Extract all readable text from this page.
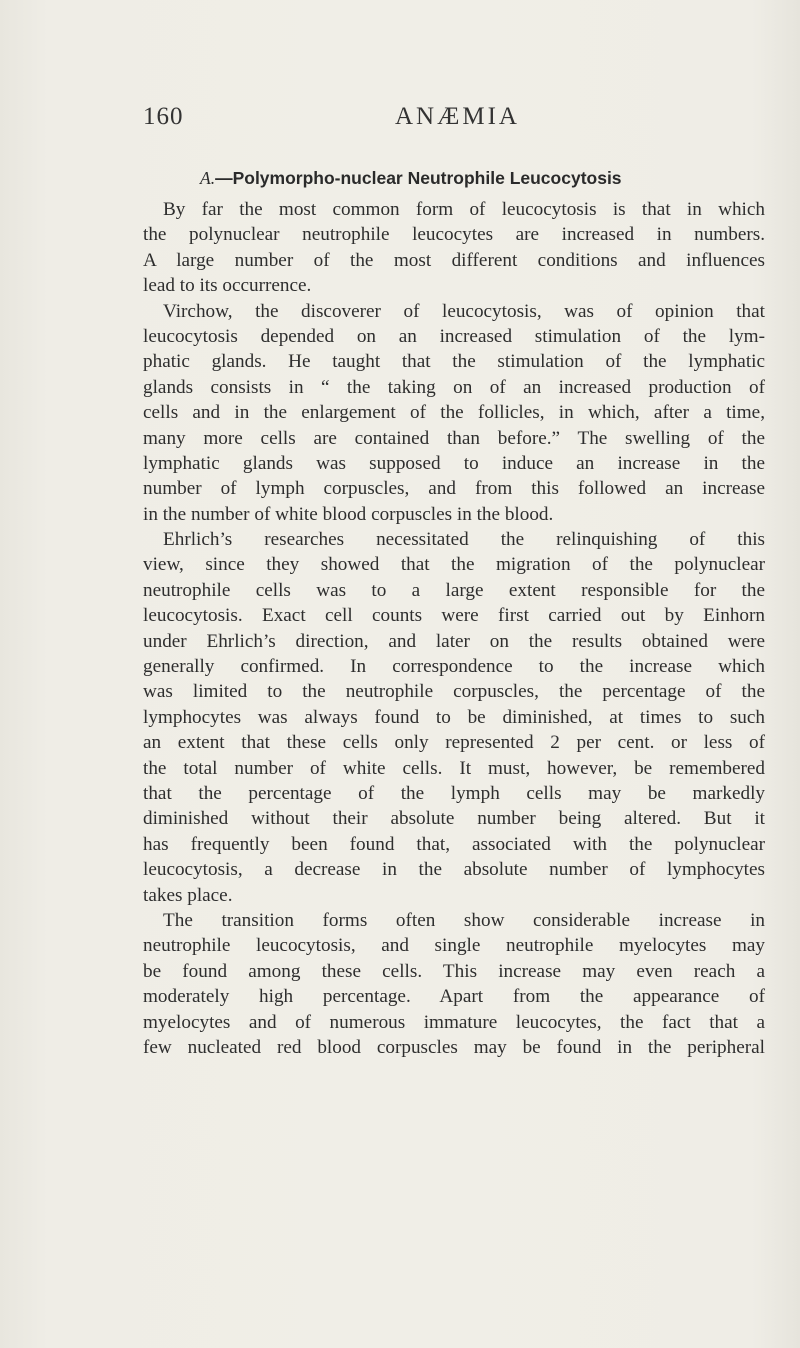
160	ANÆMIA
A.—Polymorpho-nuclear Neutrophile Leucocytosis
By far the most common form of leucocytosis is that in which
the polynuclear neutrophile leucocytes are increased in numbers.
A large number of the most different conditions and influences
lead to its occurrence.
Virchow, the discoverer of leucocytosis, was of opinion that
leucocytosis depended on an increased stimulation of the lym-
phatic glands. He taught that the stimulation of the lymphatic
glands consists in “ the taking on of an increased production of
cells and in the enlargement of the follicles, in which, after a time,
many more cells are contained than before.” The swelling of the
lymphatic glands was supposed to induce an increase in the
number of lymph corpuscles, and from this followed an increase
in the number of white blood corpuscles in the blood.
Ehrlich’s researches necessitated the relinquishing of this
view, since they showed that the migration of the polynuclear
neutrophile cells was to a large extent responsible for the
leucocytosis. Exact cell counts were first carried out by Einhorn
under Ehrlich’s direction, and later on the results obtained were
generally confirmed. In correspondence to the increase which
was limited to the neutrophile corpuscles, the percentage of the
lymphocytes was always found to be diminished, at times to such
an extent that these cells only represented 2 per cent. or less of
the total number of white cells. It must, however, be remembered
that the percentage of the lymph cells may be markedly
diminished without their absolute number being altered. But it
has frequently been found that, associated with the polynuclear
leucocytosis, a decrease in the absolute number of lymphocytes
takes place.
The transition forms often show considerable increase in
neutrophile leucocytosis, and single neutrophile myelocytes may
be found among these cells. This increase may even reach a
moderately high percentage. Apart from the appearance of
myelocytes and of numerous immature leucocytes, the fact that a
few nucleated red blood corpuscles may be found in the peripheral
